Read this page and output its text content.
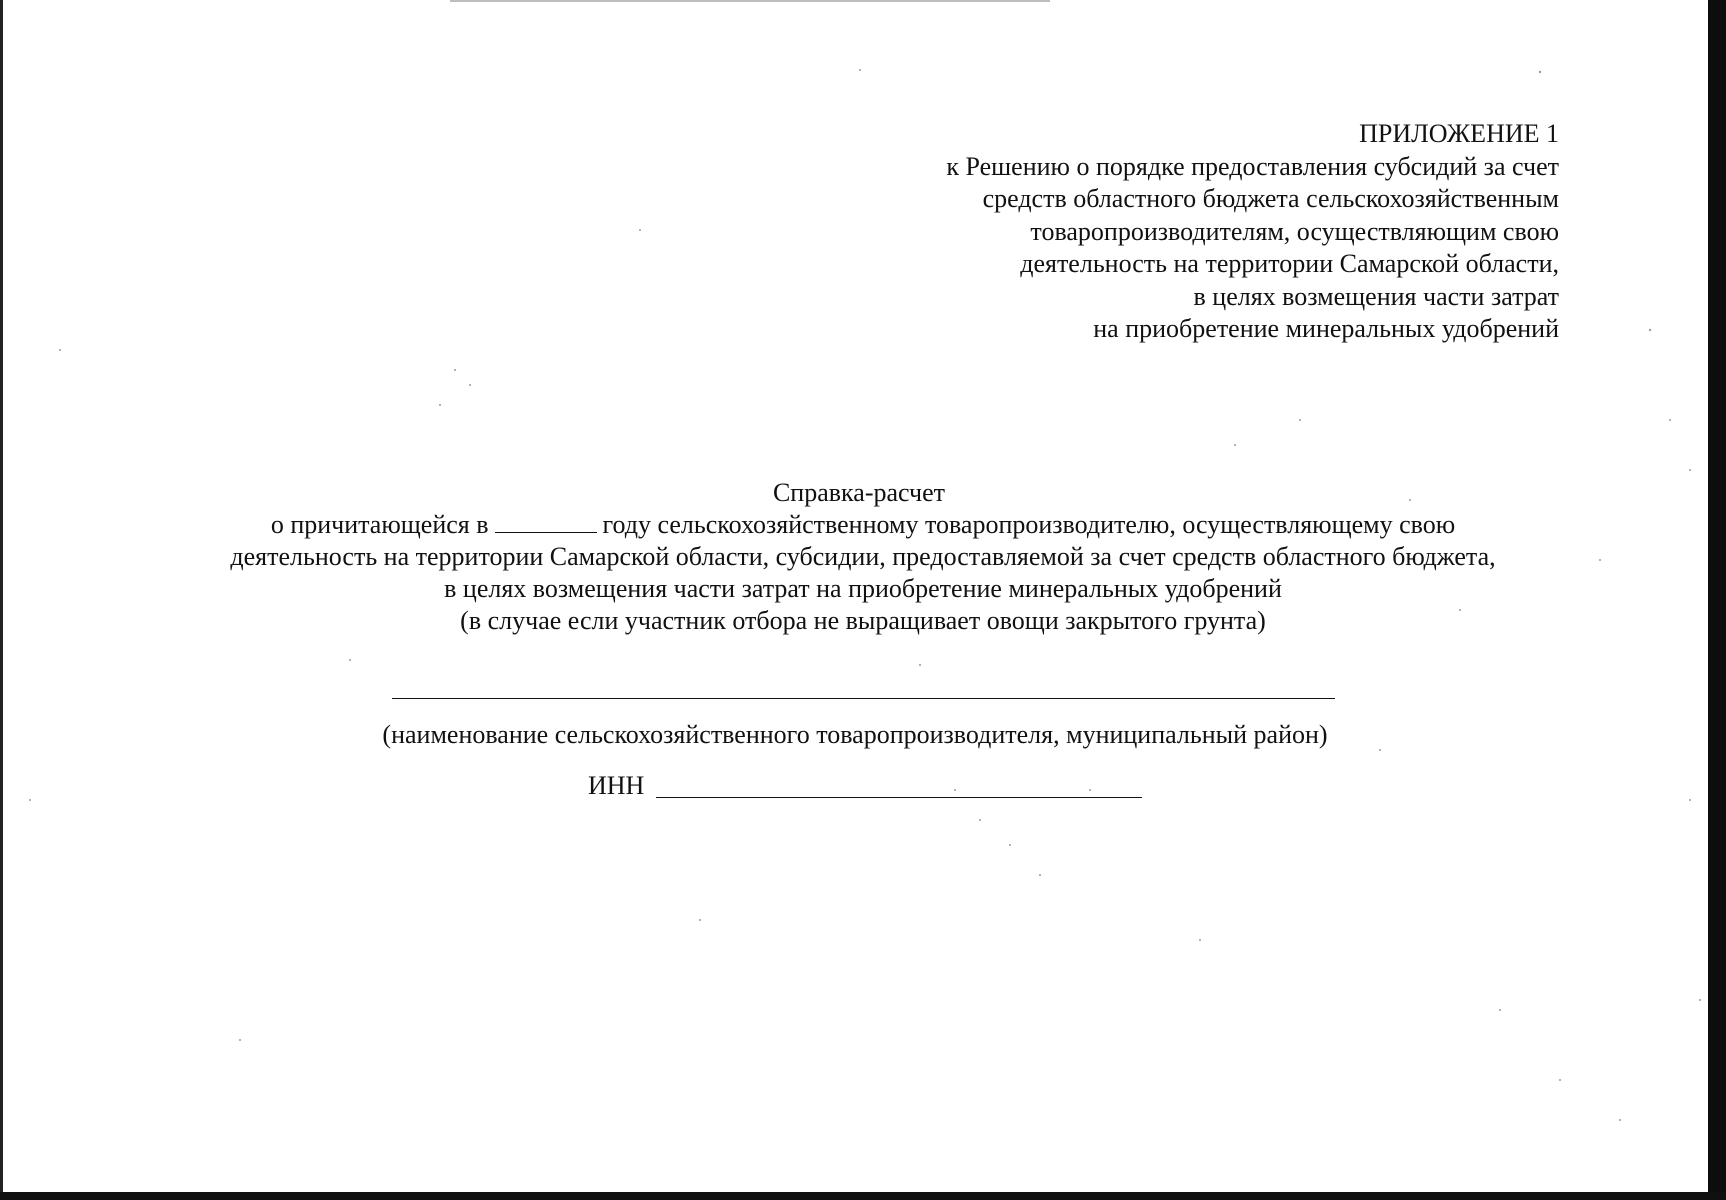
ПРИЛОЖЕНИЕ 1
к Решению о порядке предоставления субсидий за счет
средств областного бюджета сельскохозяйственным
товаропроизводителям, осуществляющим свою
деятельность на территории Самарской области,
в целях возмещения части затрат
на приобретение минеральных удобрений
Справка-расчет
о причитающейся в	году сельскохозяйственному товаропроизводителю, осуществляющему свою
деятельность на территории Самарской области, субсидии, предоставляемой за счет средств областного бюджета,
в целях возмещения части затрат на приобретение минеральных удобрений
(в случае если участник отбора не выращивает овощи закрытого грунта)
(наименование сельскохозяйственного товаропроизводителя, муниципальный район)
ИНН
